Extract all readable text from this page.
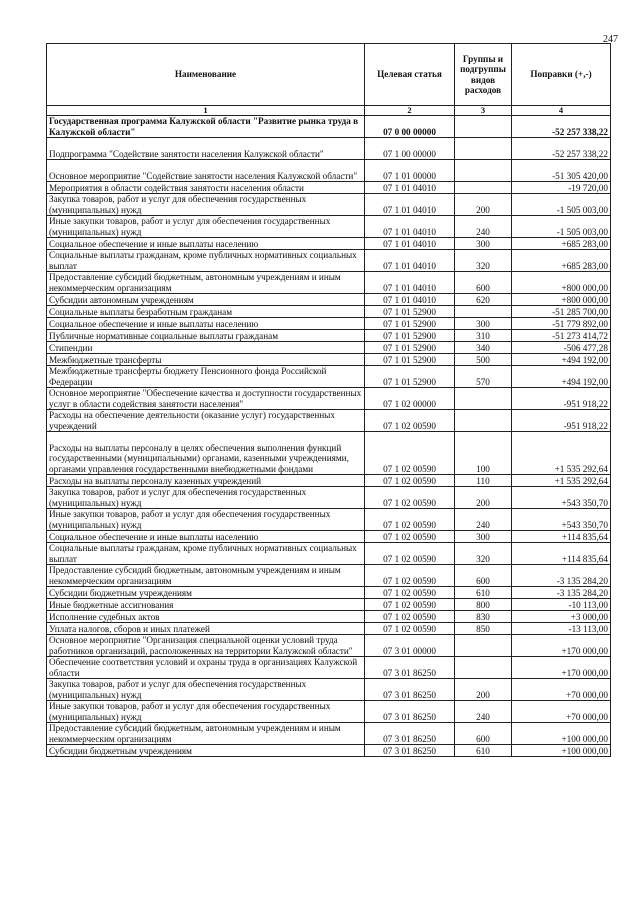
247
Наименование	Целевая статья	Группы и подгруппы видов расходов	Поправки (+,-)
1	2	3	4
Государственная программа Калужской области "Развитие рынка труда в Калужской области"	07 0 00 00000		-52 257 338,22
Подпрограмма "Содействие занятости населения Калужской области"	07 1 00 00000		-52 257 338,22
Основное мероприятие "Содействие занятости населения Калужской области"	07 1 01 00000		-51 305 420,00
Мероприятия в области содействия занятости населения области	07 1 01 04010		-19 720,00
Закупка товаров, работ и услуг для обеспечения государственных (муниципальных) нужд	07 1 01 04010	200	-1 505 003,00
Иные закупки товаров, работ и услуг для обеспечения государственных (муниципальных) нужд	07 1 01 04010	240	-1 505 003,00
Социальное обеспечение и иные выплаты населению	07 1 01 04010	300	+685 283,00
Социальные выплаты гражданам, кроме публичных нормативных социальных выплат	07 1 01 04010	320	+685 283,00
Предоставление субсидий бюджетным, автономным учреждениям и иным некоммерческим организациям	07 1 01 04010	600	+800 000,00
Субсидии автономным учреждениям	07 1 01 04010	620	+800 000,00
Социальные выплаты безработным гражданам	07 1 01 52900		-51 285 700,00
Социальное обеспечение и иные выплаты населению	07 1 01 52900	300	-51 779 892,00
Публичные нормативные социальные выплаты гражданам	07 1 01 52900	310	-51 273 414,72
Стипендии	07 1 01 52900	340	-506 477,28
Межбюджетные трансферты	07 1 01 52900	500	+494 192,00
Межбюджетные трансферты бюджету Пенсионного фонда Российской Федерации	07 1 01 52900	570	+494 192,00
Основное мероприятие "Обеспечение качества и доступности государственных услуг в области содействия занятости населения"	07 1 02 00000		-951 918,22
Расходы на обеспечение деятельности (оказание услуг) государственных учреждений	07 1 02 00590		-951 918,22
Расходы на выплаты персоналу в целях обеспечения выполнения функций государственными (муниципальными) органами, казенными учреждениями, органами управления государственными внебюджетными фондами	07 1 02 00590	100	+1 535 292,64
Расходы на выплаты персоналу казенных учреждений	07 1 02 00590	110	+1 535 292,64
Закупка товаров, работ и услуг для обеспечения государственных (муниципальных) нужд	07 1 02 00590	200	+543 350,70
Иные закупки товаров, работ и услуг для обеспечения государственных (муниципальных) нужд	07 1 02 00590	240	+543 350,70
Социальное обеспечение и иные выплаты населению	07 1 02 00590	300	+114 835,64
Социальные выплаты гражданам, кроме публичных нормативных социальных выплат	07 1 02 00590	320	+114 835,64
Предоставление субсидий бюджетным, автономным учреждениям и иным некоммерческим организациям	07 1 02 00590	600	-3 135 284,20
Субсидии бюджетным учреждениям	07 1 02 00590	610	-3 135 284,20
Иные бюджетные ассигнования	07 1 02 00590	800	-10 113,00
Исполнение судебных актов	07 1 02 00590	830	+3 000,00
Уплата налогов, сборов и иных платежей	07 1 02 00590	850	-13 113,00
Основное мероприятие "Организация специальной оценки условий труда работников организаций, расположенных на территории Калужской области"	07 3 01 00000		+170 000,00
Обеспечение соответствия условий и охраны труда в организациях Калужской области	07 3 01 86250		+170 000,00
Закупка товаров, работ и услуг для обеспечения государственных (муниципальных) нужд	07 3 01 86250	200	+70 000,00
Иные закупки товаров, работ и услуг для обеспечения государственных (муниципальных) нужд	07 3 01 86250	240	+70 000,00
Предоставление субсидий бюджетным, автономным учреждениям и иным некоммерческим организациям	07 3 01 86250	600	+100 000,00
Субсидии бюджетным учреждениям	07 3 01 86250	610	+100 000,00
